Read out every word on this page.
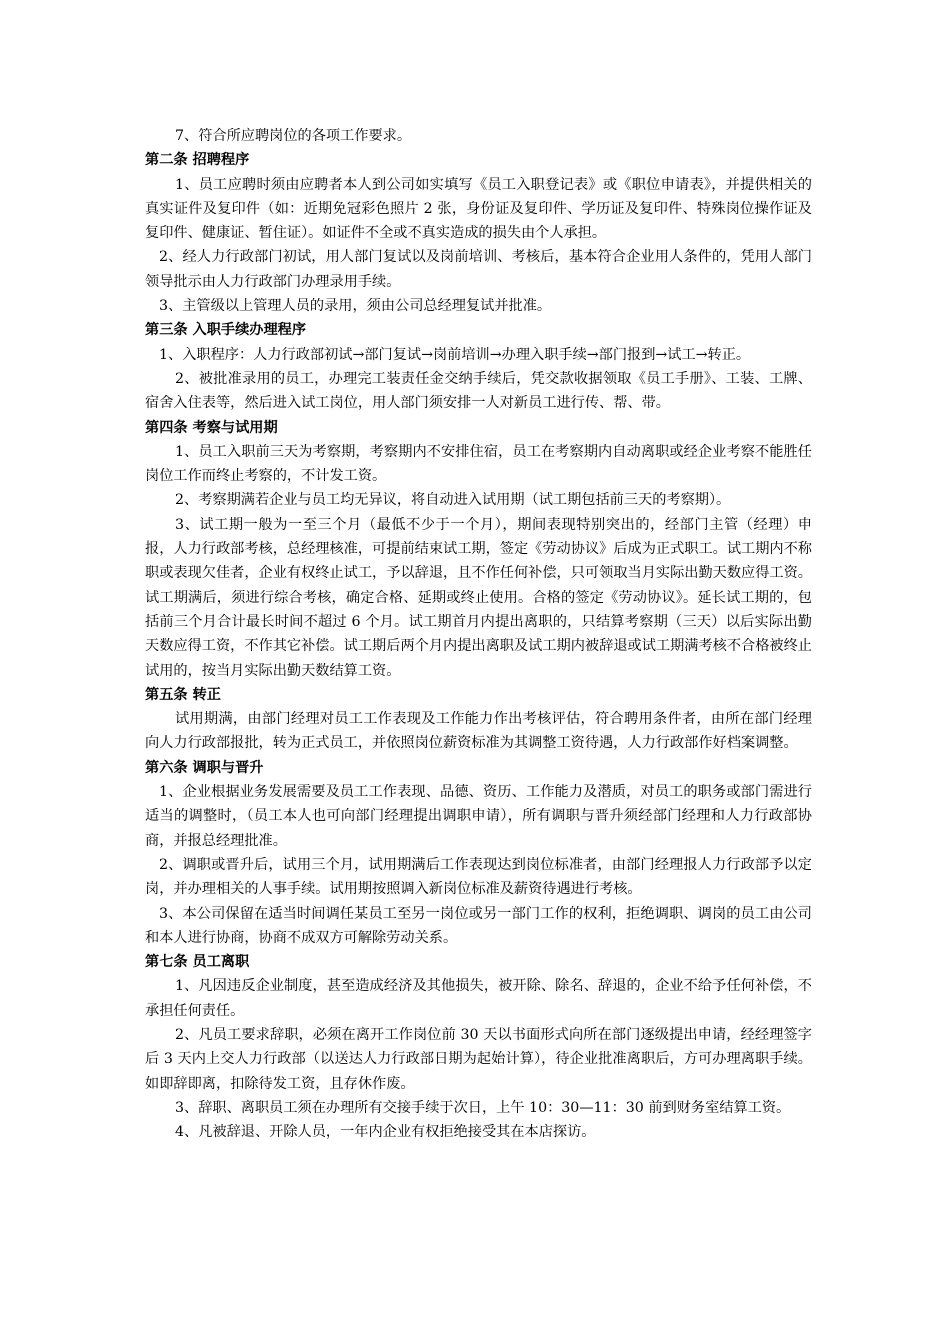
7、符合所应聘岗位的各项工作要求。

第二条 招聘程序

1、员工应聘时须由应聘者本人到公司如实填写《员工入职登记表》或《职位申请表》，并提供相关的真实证件及复印件（如：近期免冠彩色照片 2 张，身份证及复印件、学历证及复印件、特殊岗位操作证及复印件、健康证、暂住证）。如证件不全或不真实造成的损失由个人承担。

2、经人力行政部门初试，用人部门复试以及岗前培训、考核后，基本符合企业用人条件的，凭用人部门领导批示由人力行政部门办理录用手续。

3、主管级以上管理人员的录用，须由公司总经理复试并批准。

第三条 入职手续办理程序

1、入职程序：人力行政部初试→部门复试→岗前培训→办理入职手续→部门报到→试工→转正。

2、被批准录用的员工，办理完工装责任金交纳手续后，凭交款收据领取《员工手册》、工装、工牌、宿舍入住表等，然后进入试工岗位，用人部门须安排一人对新员工进行传、帮、带。

第四条 考察与试用期

1、员工入职前三天为考察期，考察期内不安排住宿，员工在考察期内自动离职或经企业考察不能胜任岗位工作而终止考察的，不计发工资。

2、考察期满若企业与员工均无异议，将自动进入试用期（试工期包括前三天的考察期）。

3、试工期一般为一至三个月（最低不少于一个月），期间表现特别突出的，经部门主管（经理）申报，人力行政部考核，总经理核准，可提前结束试工期，签定《劳动协议》后成为正式职工。试工期内不称职或表现欠佳者，企业有权终止试工，予以辞退，且不作任何补偿，只可领取当月实际出勤天数应得工资。试工期满后，须进行综合考核，确定合格、延期或终止使用。合格的签定《劳动协议》。延长试工期的，包括前三个月合计最长时间不超过 6 个月。试工期首月内提出离职的，只结算考察期（三天）以后实际出勤天数应得工资，不作其它补偿。试工期后两个月内提出离职及试工期内被辞退或试工期满考核不合格被终止试用的，按当月实际出勤天数结算工资。

第五条 转正

试用期满，由部门经理对员工工作表现及工作能力作出考核评估，符合聘用条件者，由所在部门经理向人力行政部报批，转为正式员工，并依照岗位薪资标准为其调整工资待遇，人力行政部作好档案调整。

第六条 调职与晋升

1、企业根据业务发展需要及员工工作表现、品德、资历、工作能力及潜质，对员工的职务或部门需进行适当的调整时，（员工本人也可向部门经理提出调职申请），所有调职与晋升须经部门经理和人力行政部协商，并报总经理批准。

2、调职或晋升后，试用三个月，试用期满后工作表现达到岗位标准者，由部门经理报人力行政部予以定岗，并办理相关的人事手续。试用期按照调入新岗位标准及薪资待遇进行考核。

3、本公司保留在适当时间调任某员工至另一岗位或另一部门工作的权利，拒绝调职、调岗的员工由公司和本人进行协商，协商不成双方可解除劳动关系。

第七条 员工离职

1、凡因违反企业制度，甚至造成经济及其他损失，被开除、除名、辞退的，企业不给予任何补偿，不承担任何责任。

2、凡员工要求辞职，必须在离开工作岗位前 30 天以书面形式向所在部门逐级提出申请，经经理签字后 3 天内上交人力行政部（以送达人力行政部日期为起始计算），待企业批准离职后，方可办理离职手续。如即辞即离，扣除待发工资，且存休作废。

3、辞职、离职员工须在办理所有交接手续于次日，上午 10：30—11：30 前到财务室结算工资。

4、凡被辞退、开除人员，一年内企业有权拒绝接受其在本店探访。
